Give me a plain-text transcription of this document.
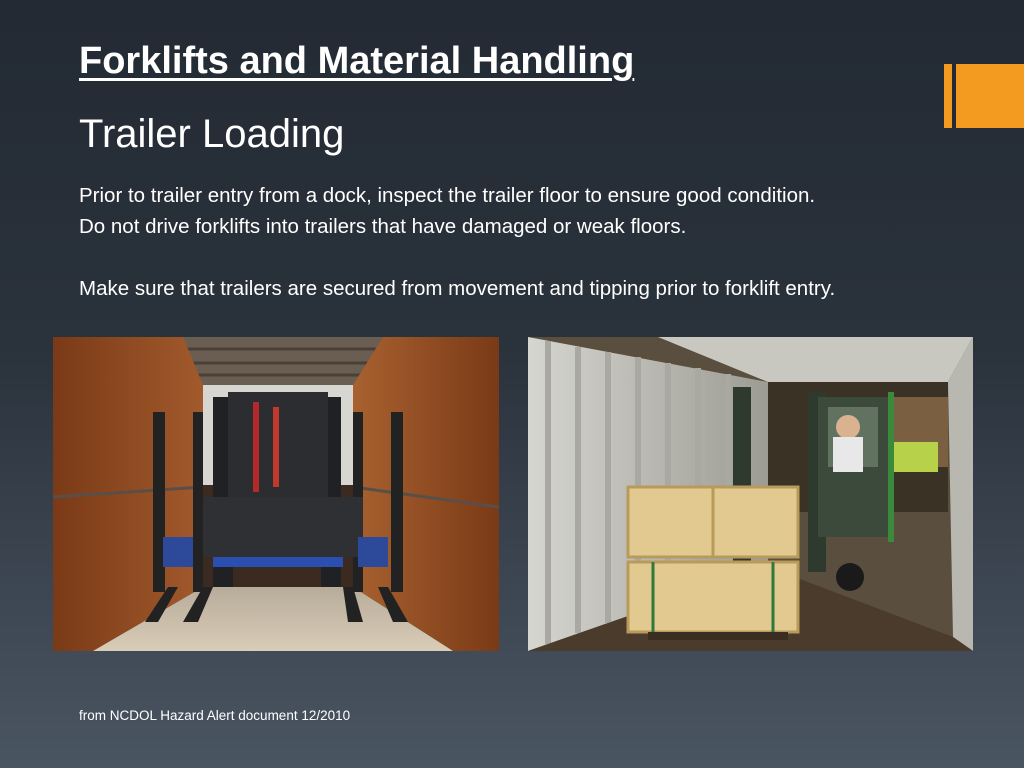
Forklifts and Material Handling
Trailer Loading

Prior to trailer entry from a dock, inspect the trailer floor to ensure good condition.

Do not drive forklifts into trailers that have damaged or weak floors.

Make sure that trailers are secured from movement and tipping prior to forklift entry.

from NCDOL Hazard Alert document 12/2010
